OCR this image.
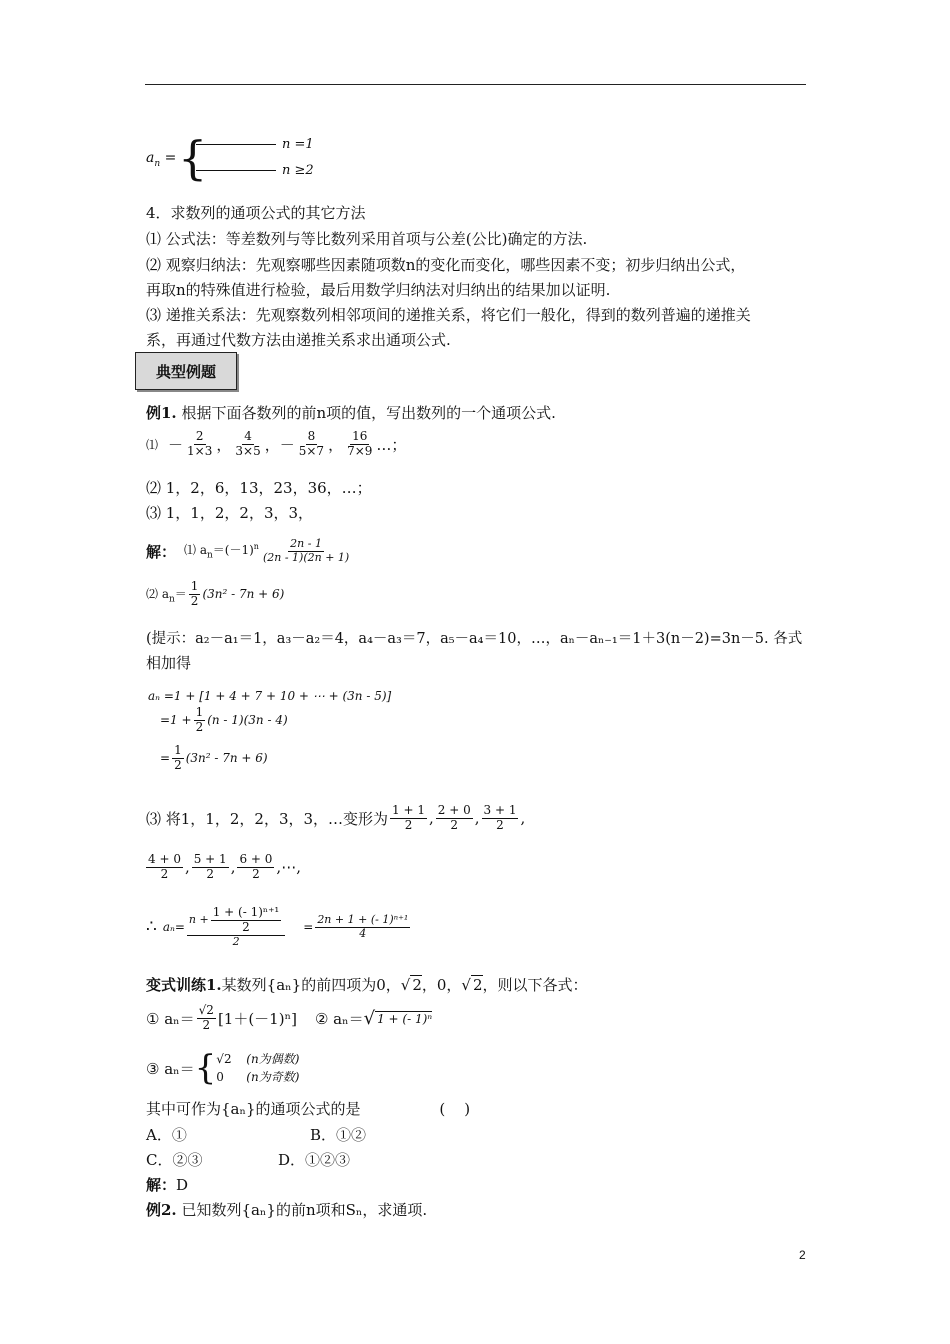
$a_n$ = {	n =1
n ≥2
4．求数列的通项公式的其它方法
⑴ 公式法：等差数列与等比数列采用首项与公差(公比)确定的方法.
⑵ 观察归纳法：先观察哪些因素随项数n的变化而变化，哪些因素不变；初步归纳出公式，
再取n的特殊值进行检验，最后用数学归纳法对归纳出的结果加以证明.
⑶ 递推关系法：先观察数列相邻项间的递推关系，将它们一般化，得到的数列普遍的递推关
系，再通过代数方法由递推关系求出通项公式.
典型例题
例1. 根据下面各数列的前n项的值，写出数列的一个通项公式.
⑴ － $\frac{2}{1\times 3}$ ， $\frac{4}{3\times 5}$ ， － $\frac{8}{5\times 7}$ ， $\frac{16}{7\times 9}$ …；
⑵ 1，2，6，13，23，36，…；
⑶ 1，1，2，2，3，3，
解： ⑴ $a_n=(-1)^n \frac{2n - 1}{(2n - 1)(2n + 1)}$
⑵ $a_n= \frac{1}{2} (3n^2 - 7n + 6)$
(提示：a₂－a₁＝1，a₃－a₂＝4，a₄－a₃＝7，a₅－a₄＝10，…，aₙ－aₙ₋₁＝1＋3(n－2)=3n－5. 各式
相加得
aₙ =1 + [1 + 4 + 7 + 10 + ⋯ + (3n - 5)]
$=1 + \frac{1}{2} (n - 1)(3n - 4)$
= $\frac{1}{2} (3n^2 - 7n + 6)$
⑶ 将1，1，2，2，3，3，…变形为 $\frac{1 + 1}{2}$ , $\frac{2 + 0}{2}$ , $\frac{3 + 1}{2}$ ,
$\frac{4 + 0}{2}$ , $\frac{5 + 1}{2}$ , $\frac{6 + 0}{2}$ ,⋯,
∴ $a_n= \frac{n + \frac{\text{1 + (- 1)ⁿ⁺¹}}{2}}{2} = \frac{\text{2n + 1 + (- 1)ⁿ⁺¹}}{4}$
变式训练1. 某数列{aₙ}的前四项为0， √ 2 ，0， √ 2 ，则以下各式：
① $a_n= \frac{√2}{2} [1+(-1)^n]$ ② aₙ＝ √ 1 + (- 1)ⁿ
③ aₙ＝ { √2 (n为偶数)
0 (n为奇数)
其中可作为{aₙ}的通项公式的是	(    )
A．①	B．①②
C．②③	D．①②③
解：D
例2. 已知数列{aₙ}的前n项和Sₙ，求通项.
2
